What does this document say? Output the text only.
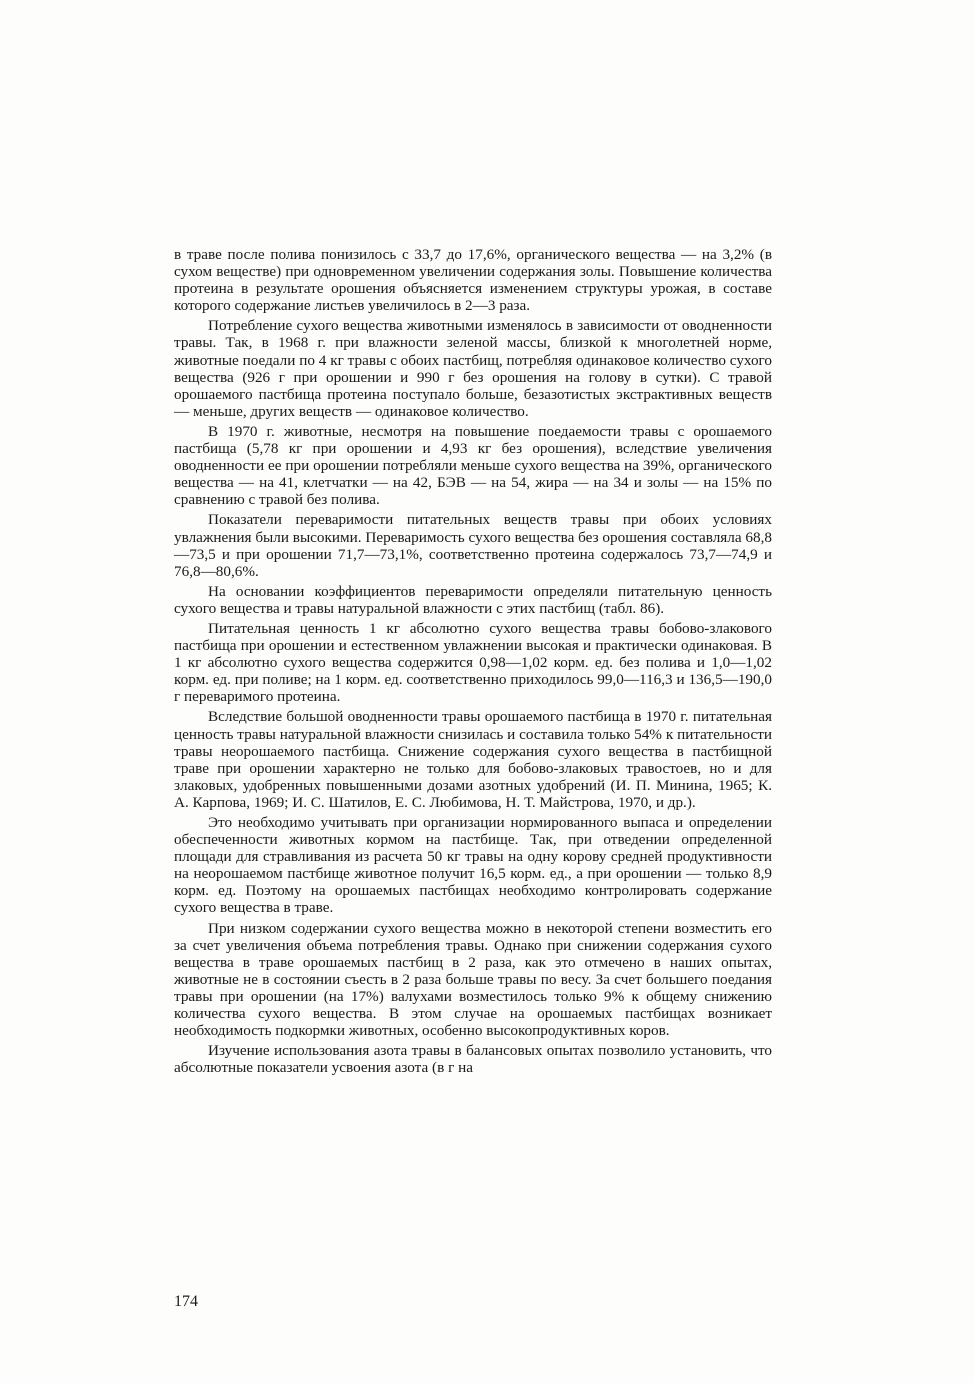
в траве после полива понизилось с 33,7 до 17,6%, органического вещества — на 3,2% (в сухом веществе) при одновременном увеличении содержания золы. Повышение количества протеина в результате орошения объясняется изменением структуры урожая, в составе которого содержание листьев увеличилось в 2—3 раза.

Потребление сухого вещества животными изменялось в зависимости от оводненности травы. Так, в 1968 г. при влажности зеленой массы, близкой к многолетней норме, животные поедали по 4 кг травы с обоих пастбищ, потребляя одинаковое количество сухого вещества (926 г при орошении и 990 г без орошения на голову в сутки). С травой орошаемого пастбища протеина поступало больше, безазотистых экстрактивных веществ — меньше, других веществ — одинаковое количество.

В 1970 г. животные, несмотря на повышение поедаемости травы с орошаемого пастбища (5,78 кг при орошении и 4,93 кг без орошения), вследствие увеличения оводненности ее при орошении потребляли меньше сухого вещества на 39%, органического вещества — на 41, клетчатки — на 42, БЭВ — на 54, жира — на 34 и золы — на 15% по сравнению с травой без полива.

Показатели переваримости питательных веществ травы при обоих условиях увлажнения были высокими. Переваримость сухого вещества без орошения составляла 68,8—73,5 и при орошении 71,7—73,1%, соответственно протеина содержалось 73,7—74,9 и 76,8—80,6%.

На основании коэффициентов переваримости определяли питательную ценность сухого вещества и травы натуральной влажности с этих пастбищ (табл. 86).

Питательная ценность 1 кг абсолютно сухого вещества травы бобово-злакового пастбища при орошении и естественном увлажнении высокая и практически одинаковая. В 1 кг абсолютно сухого вещества содержится 0,98—1,02 корм. ед. без полива и 1,0—1,02 корм. ед. при поливе; на 1 корм. ед. соответственно приходилось 99,0—116,3 и 136,5—190,0 г переваримого протеина.

Вследствие большой оводненности травы орошаемого пастбища в 1970 г. питательная ценность травы натуральной влажности снизилась и составила только 54% к питательности травы неорошаемого пастбища. Снижение содержания сухого вещества в пастбищной траве при орошении характерно не только для бобово-злаковых травостоев, но и для злаковых, удобренных повышенными дозами азотных удобрений (И. П. Минина, 1965; К. А. Карпова, 1969; И. С. Шатилов, Е. С. Любимова, Н. Т. Майстрова, 1970, и др.).

Это необходимо учитывать при организации нормированного выпаса и определении обеспеченности животных кормом на пастбище. Так, при отведении определенной площади для стравливания из расчета 50 кг травы на одну корову средней продуктивности на неорошаемом пастбище животное получит 16,5 корм. ед., а при орошении — только 8,9 корм. ед. Поэтому на орошаемых пастбищах необходимо контролировать содержание сухого вещества в траве.

При низком содержании сухого вещества можно в некоторой степени возместить его за счет увеличения объема потребления травы. Однако при снижении содержания сухого вещества в траве орошаемых пастбищ в 2 раза, как это отмечено в наших опытах, животные не в состоянии съесть в 2 раза больше травы по весу. За счет большего поедания травы при орошении (на 17%) валухами возместилось только 9% к общему снижению количества сухого вещества. В этом случае на орошаемых пастбищах возникает необходимость подкормки животных, особенно высокопродуктивных коров.

Изучение использования азота травы в балансовых опытах позволило установить, что абсолютные показатели усвоения азота (в г на

174
